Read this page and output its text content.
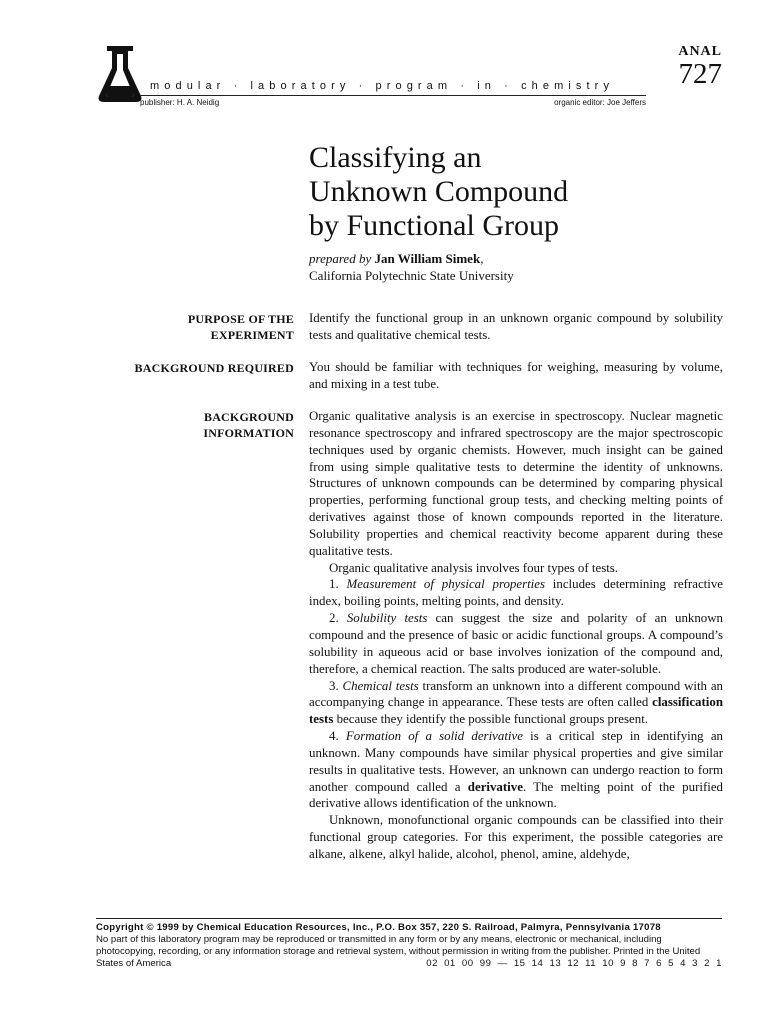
modular · laboratory · program · in · chemistry
publisher: H. A. Neidig	organic editor: Joe Jeffers
ANAL
727
Classifying an
Unknown Compound
by Functional Group
prepared by Jan William Simek,
California Polytechnic State University
PURPOSE OF THE
EXPERIMENT

Identify the functional group in an unknown organic compound by solubility tests and qualitative chemical tests.

BACKGROUND REQUIRED You should be familiar with techniques for weighing, measuring by volume, and mixing in a test tube.

BACKGROUND
INFORMATION

Organic qualitative analysis is an exercise in spectroscopy. Nuclear magnetic resonance spectroscopy and infrared spectroscopy are the major spectroscopic techniques used by organic chemists. However, much insight can be gained from using simple qualitative tests to determine the identity of unknowns. Structures of unknown compounds can be determined by comparing physical properties, performing functional group tests, and checking melting points of derivatives against those of known compounds reported in the literature. Solubility properties and chemical reactivity become apparent during these qualitative tests.

Organic qualitative analysis involves four types of tests.

1. Measurement of physical properties includes determining refractive index, boiling points, melting points, and density.

2. Solubility tests can suggest the size and polarity of an unknown compound and the presence of basic or acidic functional groups. A compound’s solubility in aqueous acid or base involves ionization of the compound and, therefore, a chemical reaction. The salts produced are water-soluble.

3. Chemical tests transform an unknown into a different compound with an accompanying change in appearance. These tests are often called classification tests because they identify the possible functional groups present.

4. Formation of a solid derivative is a critical step in identifying an unknown. Many compounds have similar physical properties and give similar results in qualitative tests. However, an unknown can undergo reaction to form another compound called a derivative. The melting point of the purified derivative allows identification of the unknown.

Unknown, monofunctional organic compounds can be classified into their functional group categories. For this experiment, the possible categories are alkane, alkene, alkyl halide, alcohol, phenol, amine, aldehyde,

Copyright © 1999 by Chemical Education Resources, Inc., P.O. Box 357, 220 S. Railroad, Palmyra, Pennsylvania 17078
No part of this laboratory program may be reproduced or transmitted in any form or by any means, electronic or mechanical, including photocopying, recording, or any information storage and retrieval system, without permission in writing from the publisher. Printed in the United
States of America	02 01 00 99 — 15 14 13 12 11 10 9 8 7 6 5 4 3 2 1
